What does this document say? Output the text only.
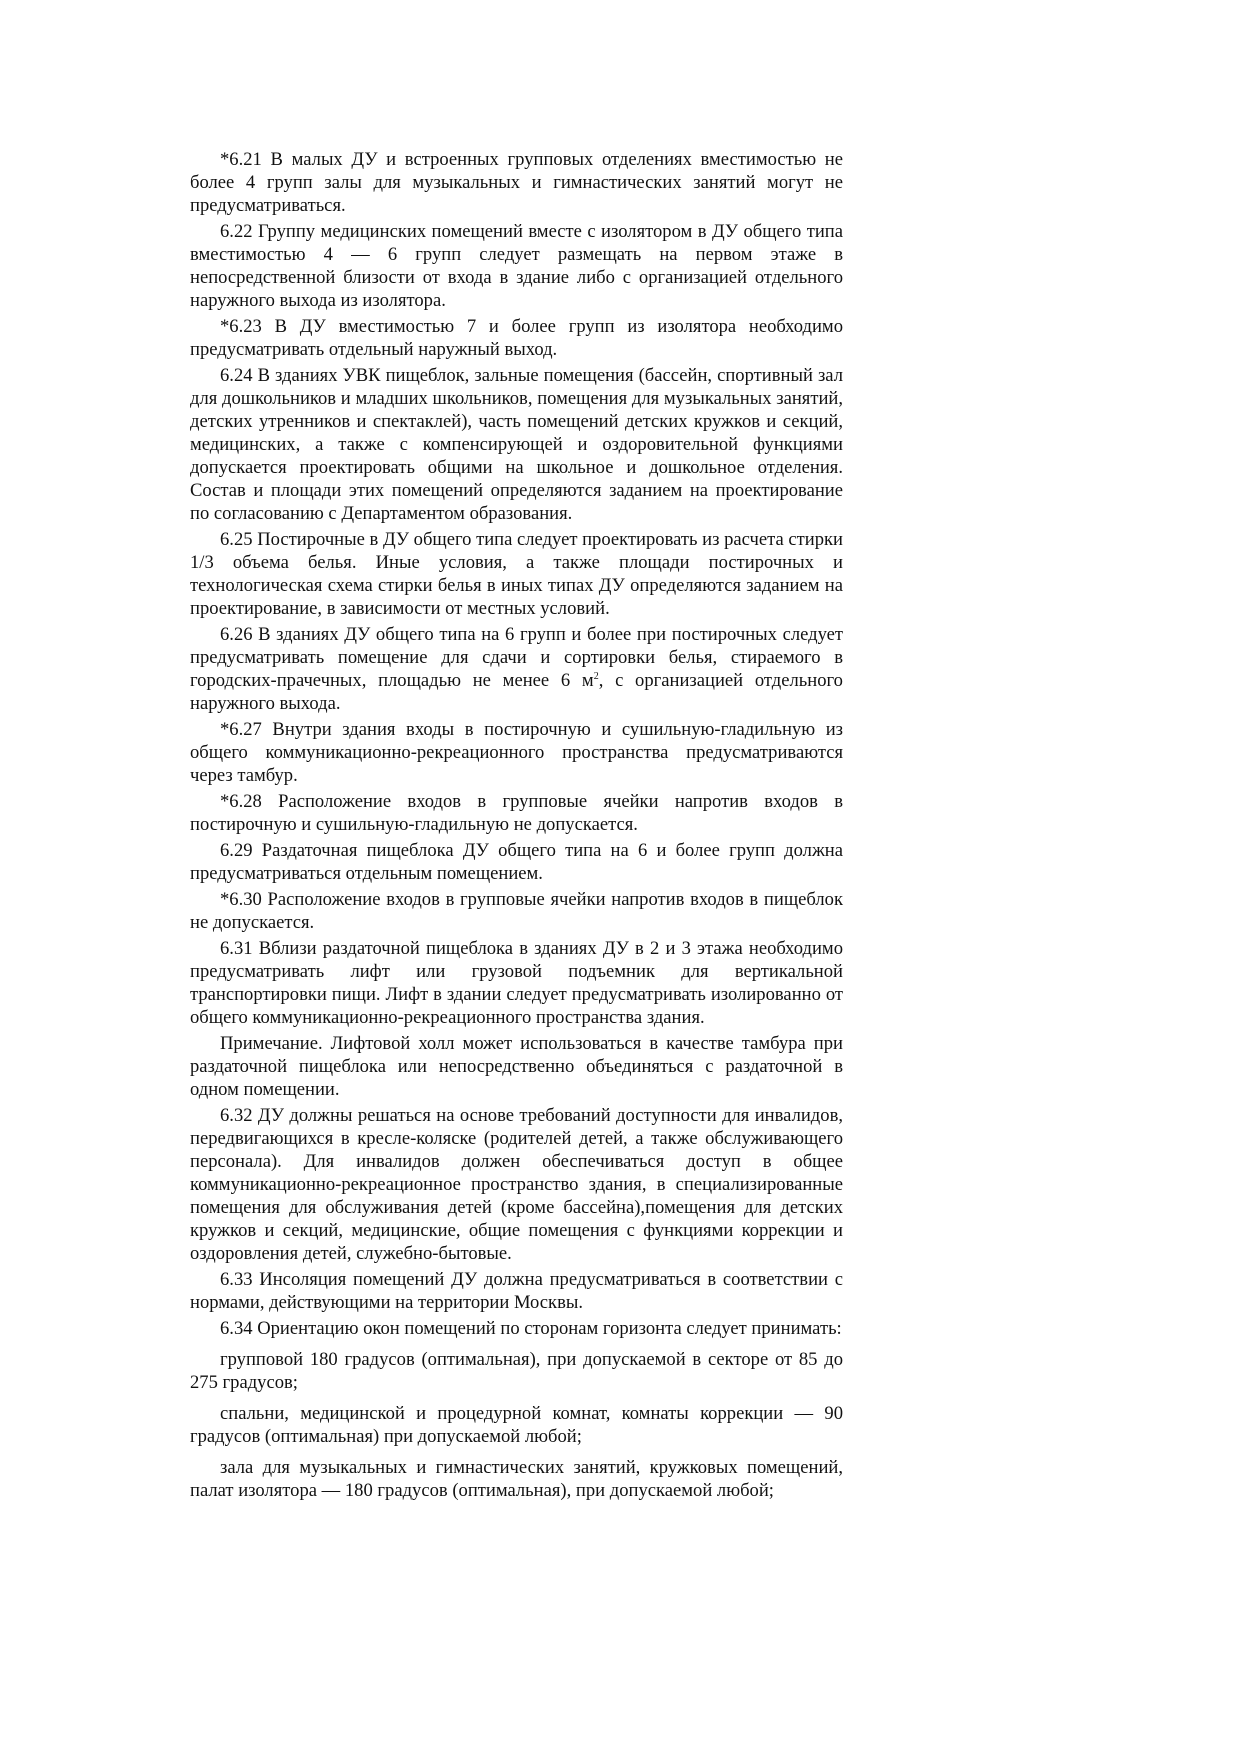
*6.21 В малых ДУ и встроенных групповых отделениях вместимостью не более 4 групп залы для музыкальных и гимнастических занятий могут не предусматриваться.

6.22 Группу медицинских помещений вместе с изолятором в ДУ общего типа вместимостью 4 — 6 групп следует размещать на первом этаже в непосредственной близости от входа в здание либо с организацией отдельного наружного выхода из изолятора.

*6.23 В ДУ вместимостью 7 и более групп из изолятора необходимо предусматривать отдельный наружный выход.

6.24 В зданиях УВК пищеблок, зальные помещения (бассейн, спортивный зал для дошкольников и младших школьников, помещения для музыкальных занятий, детских утренников и спектаклей), часть помещений детских кружков и секций, медицинских, а также с компенсирующей и оздоровительной функциями допускается проектировать общими на школьное и дошкольное отделения. Состав и площади этих помещений определяются заданием на проектирование по согласованию с Департаментом образования.

6.25 Постирочные в ДУ общего типа следует проектировать из расчета стирки 1/3 объема белья. Иные условия, а также площади постирочных и технологическая схема стирки белья в иных типах ДУ определяются заданием на проектирование, в зависимости от местных условий.

6.26 В зданиях ДУ общего типа на 6 групп и более при постирочных следует предусматривать помещение для сдачи и сортировки белья, стираемого в городских-прачечных, площадью не менее 6 $м^2$, с организацией отдельного наружного выхода.

*6.27 Внутри здания входы в постирочную и сушильную-гладильную из общего коммуникационно-рекреационного пространства предусматриваются через тамбур.

*6.28 Расположение входов в групповые ячейки напротив входов в постирочную и сушильную-гладильную не допускается.

6.29 Раздаточная пищеблока ДУ общего типа на 6 и более групп должна предусматриваться отдельным помещением.

*6.30 Расположение входов в групповые ячейки напротив входов в пищеблок не допускается.

6.31 Вблизи раздаточной пищеблока в зданиях ДУ в 2 и 3 этажа необходимо предусматривать лифт или грузовой подъемник для вертикальной транспортировки пищи. Лифт в здании следует предусматривать изолированно от общего коммуникационно-рекреационного пространства здания.

Примечание. Лифтовой холл может использоваться в качестве тамбура при раздаточной пищеблока или непосредственно объединяться с раздаточной в одном помещении.

6.32 ДУ должны решаться на основе требований доступности для инвалидов, передвигающихся в кресле-коляске (родителей детей, а также обслуживающего персонала). Для инвалидов должен обеспечиваться доступ в общее коммуникационно-рекреационное пространство здания, в специализированные помещения для обслуживания детей (кроме бассейна),помещения для детских кружков и секций, медицинские, общие помещения с функциями коррекции и оздоровления детей, служебно-бытовые.

6.33 Инсоляция помещений ДУ должна предусматриваться в соответствии с нормами, действующими на территории Москвы.

6.34 Ориентацию окон помещений по сторонам горизонта следует принимать:

групповой 180 градусов (оптимальная), при допускаемой в секторе от 85 до 275 градусов;

спальни, медицинской и процедурной комнат, комнаты коррекции — 90 градусов (оптимальная) при допускаемой любой;

зала для музыкальных и гимнастических занятий, кружковых помещений, палат изолятора — 180 градусов (оптимальная), при допускаемой любой;
